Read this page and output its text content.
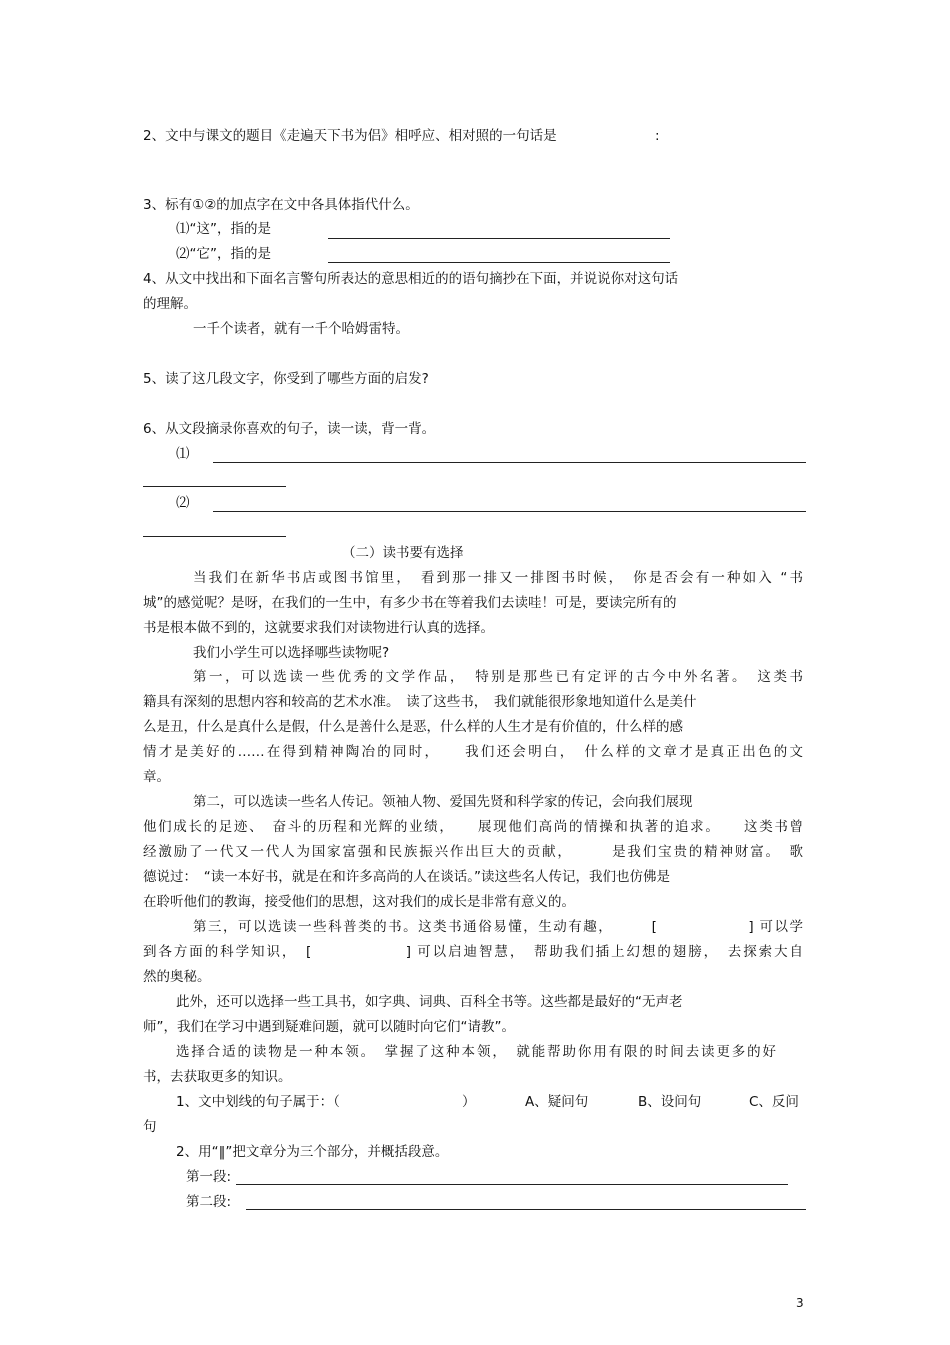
2、文中与课文的题目《走遍天下书为侣》相呼应、相对照的一句话是	:
3、标有①②的加点字在文中各具体指代什么。
⑴“这”，指的是
⑵“它”，指的是
4、从文中找出和下面名言警句所表达的意思相近的的语句摘抄在下面，并说说你对这句话
的理解。
一千个读者，就有一千个哈姆雷特。
5、读了这几段文字，你受到了哪些方面的启发?
6、从文段摘录你喜欢的句子，读一读，背一背。
⑴
⑵
（二）读书要有选择
当我们在新华书店或图书馆里，　看到那一排又一排图书时候，　你是否会有一种如入 “书
城”的感觉呢？是呀，在我们的一生中，有多少书在等着我们去读哇！可是，要读完所有的
书是根本做不到的，这就要求我们对读物进行认真的选择。
我们小学生可以选择哪些读物呢?
第一，可以选读一些优秀的文学作品，　特别是那些已有定评的古今中外名著。　这类书
籍具有深刻的思想内容和较高的艺术水准。　读了这些书，　我们就能很形象地知道什么是美什
么是丑，什么是真什么是假，什么是善什么是恶，什么样的人生才是有价值的，什么样的感
情才是美好的……在得到精神陶冶的同时，　　我们还会明白，　什么样的文章才是真正出色的文
章。
第二，可以选读一些名人传记。领袖人物、爱国先贤和科学家的传记，会向我们展现
他们成长的足迹、　奋斗的历程和光辉的业绩，　　展现他们高尚的情操和执著的追求。　　这类书曾
经激励了一代又一代人为国家富强和民族振兴作出巨大的贡献，　　　是我们宝贵的精神财富。　歌
德说过：　“读一本好书，就是在和许多高尚的人在谈话。”读这些名人传记，我们也仿佛是
在聆听他们的教诲，接受他们的思想，这对我们的成长是非常有意义的。
第三，可以选读一些科普类的书。这类书通俗易懂，生动有趣，　　　[　　　　　　] 可以学
到各方面的科学知识，　[　　　　　　] 可以启迪智慧，　帮助我们插上幻想的翅膀，　去探索大自
然的奥秘。
此外，还可以选择一些工具书，如字典、词典、百科全书等。这些都是最好的“无声老
师”，我们在学习中遇到疑难问题，就可以随时向它们“请教”。
选择合适的读物是一种本领。　掌握了这种本领，　就能帮助你用有限的时间去读更多的好
书，去获取更多的知识。
1、文中划线的句子属于：（	）	A、疑问句	B、设问句	C、反问
句
2、用“‖”把文章分为三个部分，并概括段意。
第一段:
第二段:
3
